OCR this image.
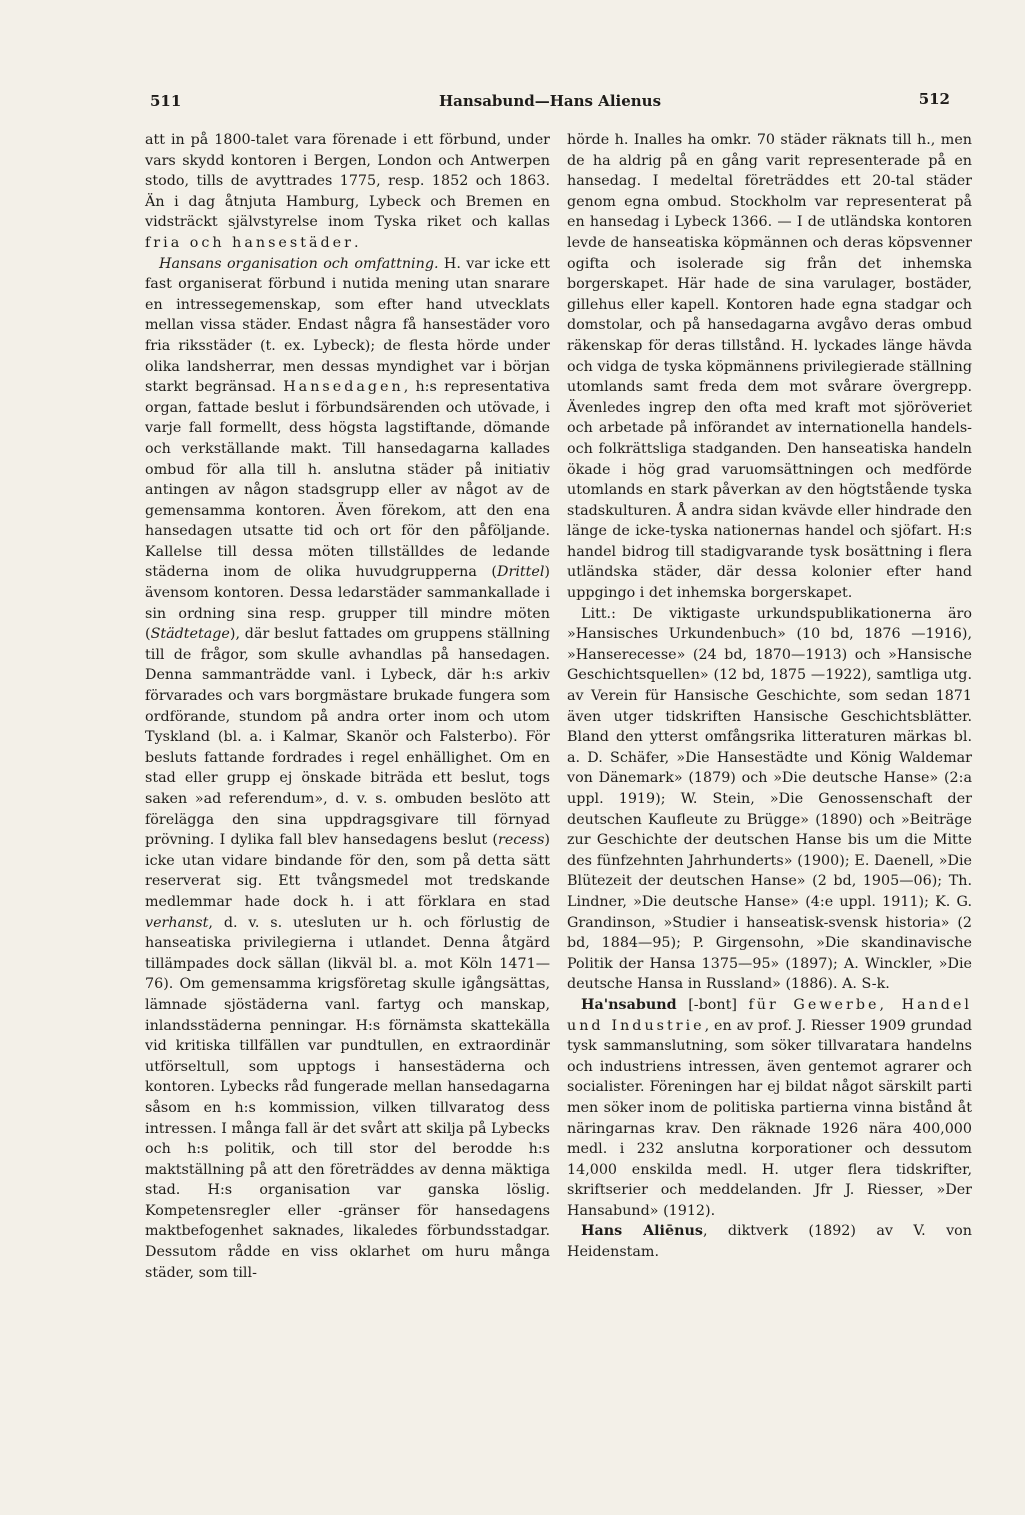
511	Hansabund—Hans Alienus	512

att in på 1800-talet vara förenade i ett förbund, under vars skydd kontoren i Bergen, London och Antwerpen stodo, tills de avyttrades 1775, resp. 1852 och 1863. Än i dag åtnjuta Hamburg, Lybeck och Bremen en vidsträckt självstyrelse inom Tyska riket och kallas fria och hansestäder.

Hansans organisation och omfattning. H. var icke ett fast organiserat förbund i nutida mening utan snarare en intressegemenskap, som efter hand utvecklats mellan vissa städer. Endast några få hansestäder voro fria riksstäder (t. ex. Lybeck); de flesta hörde under olika landsherrar, men dessas myndighet var i början starkt begränsad. Hansedagen, h:s representativa organ, fattade beslut i förbundsärenden och utövade, i varje fall formellt, dess högsta lagstiftande, dömande och verkställande makt. Till hansedagarna kallades ombud för alla till h. anslutna städer på initiativ antingen av någon stadsgrupp eller av något av de gemensamma kontoren. Även förekom, att den ena hansedagen utsatte tid och ort för den påföljande. Kallelse till dessa möten tillställdes de ledande städerna inom de olika huvudgrupperna (Drittel) ävensom kontoren. Dessa ledarstäder sammankallade i sin ordning sina resp. grupper till mindre möten (Städtetage), där beslut fattades om gruppens ställning till de frågor, som skulle avhandlas på hansedagen. Denna sammanträdde vanl. i Lybeck, där h:s arkiv förvarades och vars borgmästare brukade fungera som ordförande, stundom på andra orter inom och utom Tyskland (bl. a. i Kalmar, Skanör och Falsterbo). För besluts fattande fordrades i regel enhällighet. Om en stad eller grupp ej önskade biträda ett beslut, togs saken »ad referendum», d. v. s. ombuden beslöto att förelägga den sina uppdragsgivare till förnyad prövning. I dylika fall blev hansedagens beslut (recess) icke utan vidare bindande för den, som på detta sätt reserverat sig. Ett tvångsmedel mot tredskande medlemmar hade dock h. i att förklara en stad verhanst, d. v. s. utesluten ur h. och förlustig de hanseatiska privilegierna i utlandet. Denna åtgärd tillämpades dock sällan (likväl bl. a. mot Köln 1471—76). Om gemensamma krigsföretag skulle igångsättas, lämnade sjöstäderna vanl. fartyg och manskap, inlandsstäderna penningar. H:s förnämsta skattekälla vid kritiska tillfällen var pundtullen, en extraordinär utförseltull, som upptogs i hansestäderna och kontoren. Lybecks råd fungerade mellan hansedagarna såsom en h:s kommission, vilken tillvaratog dess intressen. I många fall är det svårt att skilja på Lybecks och h:s politik, och till stor del berodde h:s maktställning på att den företräddes av denna mäktiga stad. H:s organisation var ganska löslig. Kompetensregler eller -gränser för hansedagens maktbefogenhet saknades, likaledes förbundsstadgar. Dessutom rådde en viss oklarhet om huru många städer, som till-

hörde h. Inalles ha omkr. 70 städer räknats till h., men de ha aldrig på en gång varit representerade på en hansedag. I medeltal företräddes ett 20-tal städer genom egna ombud. Stockholm var representerat på en hansedag i Lybeck 1366. — I de utländska kontoren levde de hanseatiska köpmännen och deras köpsvenner ogifta och isolerade sig från det inhemska borgerskapet. Här hade de sina varulager, bostäder, gillehus eller kapell. Kontoren hade egna stadgar och domstolar, och på hansedagarna avgåvo deras ombud räkenskap för deras tillstånd. H. lyckades länge hävda och vidga de tyska köpmännens privilegierade ställning utomlands samt freda dem mot svårare övergrepp. Ävenledes ingrep den ofta med kraft mot sjöröveriet och arbetade på införandet av internationella handels- och folkrättsliga stadganden. Den hanseatiska handeln ökade i hög grad varuomsättningen och medförde utomlands en stark påverkan av den högtstående tyska stadskulturen. Å andra sidan kvävde eller hindrade den länge de icke-tyska nationernas handel och sjöfart. H:s handel bidrog till stadigvarande tysk bosättning i flera utländska städer, där dessa kolonier efter hand uppgingo i det inhemska borgerskapet.

Litt.: De viktigaste urkundspublikationerna äro »Hansisches Urkundenbuch» (10 bd, 1876 —1916), »Hanserecesse» (24 bd, 1870—1913) och »Hansische Geschichtsquellen» (12 bd, 1875 —1922), samtliga utg. av Verein für Hansische Geschichte, som sedan 1871 även utger tidskriften Hansische Geschichtsblätter. Bland den ytterst omfångsrika litteraturen märkas bl. a. D. Schäfer, »Die Hansestädte und König Waldemar von Dänemark» (1879) och »Die deutsche Hanse» (2:a uppl. 1919); W. Stein, »Die Genossenschaft der deutschen Kaufleute zu Brügge» (1890) och »Beiträge zur Geschichte der deutschen Hanse bis um die Mitte des fünfzehnten Jahrhunderts» (1900); E. Daenell, »Die Blütezeit der deutschen Hanse» (2 bd, 1905—06); Th. Lindner, »Die deutsche Hanse» (4:e uppl. 1911); K. G. Grandinson, »Studier i hanseatisk-svensk historia» (2 bd, 1884—95); P. Girgensohn, »Die skandinavische Politik der Hansa 1375—95» (1897); A. Winckler, »Die deutsche Hansa in Russland» (1886). A. S-k.

Ha'nsabund [-bont] für Gewerbe, Handel und Industrie, en av prof. J. Riesser 1909 grundad tysk sammanslutning, som söker tillvaratага handelns och industriens intressen, även gentemot agrarer och socialister. Föreningen har ej bildat något särskilt parti men söker inom de politiska partierna vinna bistånd åt näringarnas krav. Den räknade 1926 nära 400,000 medl. i 232 anslutna korporationer och dessutom 14,000 enskilda medl. H. utger flera tidskrifter, skriftserier och meddelanden. Jfr J. Riesser, »Der Hansabund» (1912).

Hans Aliēnus, diktverk (1892) av V. von Heidenstam.
